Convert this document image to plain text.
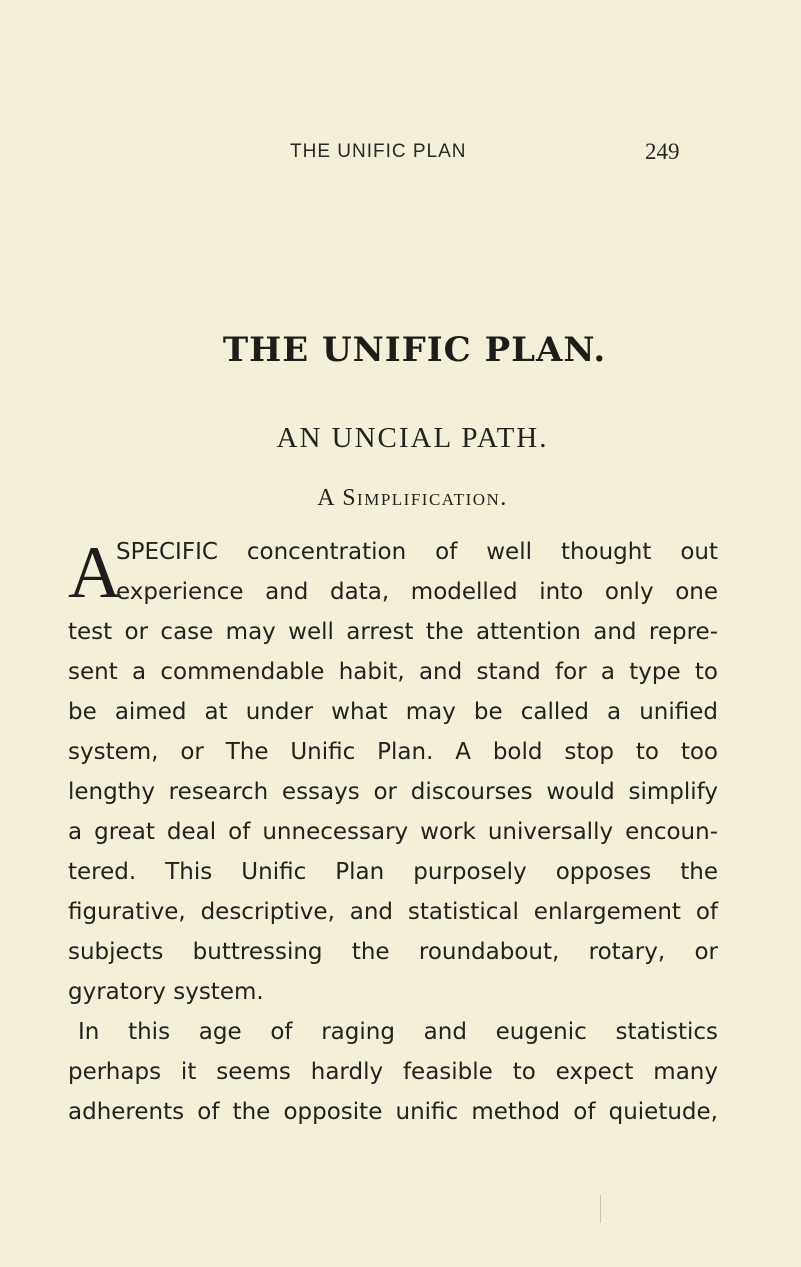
THE UNIFIC PLAN	249
THE UNIFIC PLAN.
AN UNCIAL PATH.
A Simplification.
A
SPECIFIC concentration of well thought out
experience and data, modelled into only one
test or case may well arrest the attention and repre-
sent a commendable habit, and stand for a type to
be aimed at under what may be called a unified
system, or The Unific Plan. A bold stop to too
lengthy research essays or discourses would simplify
a great deal of unnecessary work universally encoun-
tered. This Unific Plan purposely opposes the
figurative, descriptive, and statistical enlargement of
subjects buttressing the roundabout, rotary, or
gyratory system.
In this age of raging and eugenic statistics
perhaps it seems hardly feasible to expect many
adherents of the opposite unific method of quietude,
